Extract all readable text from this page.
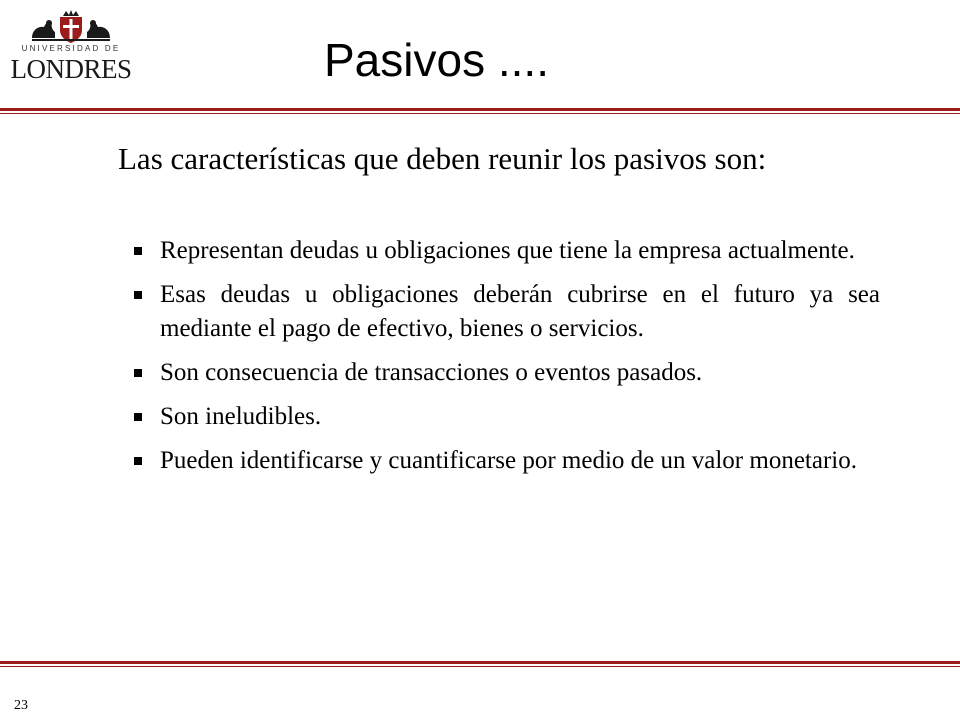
UNIVERSIDAD DE
LONDRES	Pasivos ....
Las características que deben reunir los pasivos son:
Representan deudas u obligaciones que tiene la empresa actualmente.
Esas deudas u obligaciones deberán cubrirse en el futuro ya sea mediante el pago de efectivo, bienes o servicios.
Son consecuencia de transacciones o eventos pasados.
Son ineludibles.
Pueden identificarse y cuantificarse por medio de un valor monetario.
23
